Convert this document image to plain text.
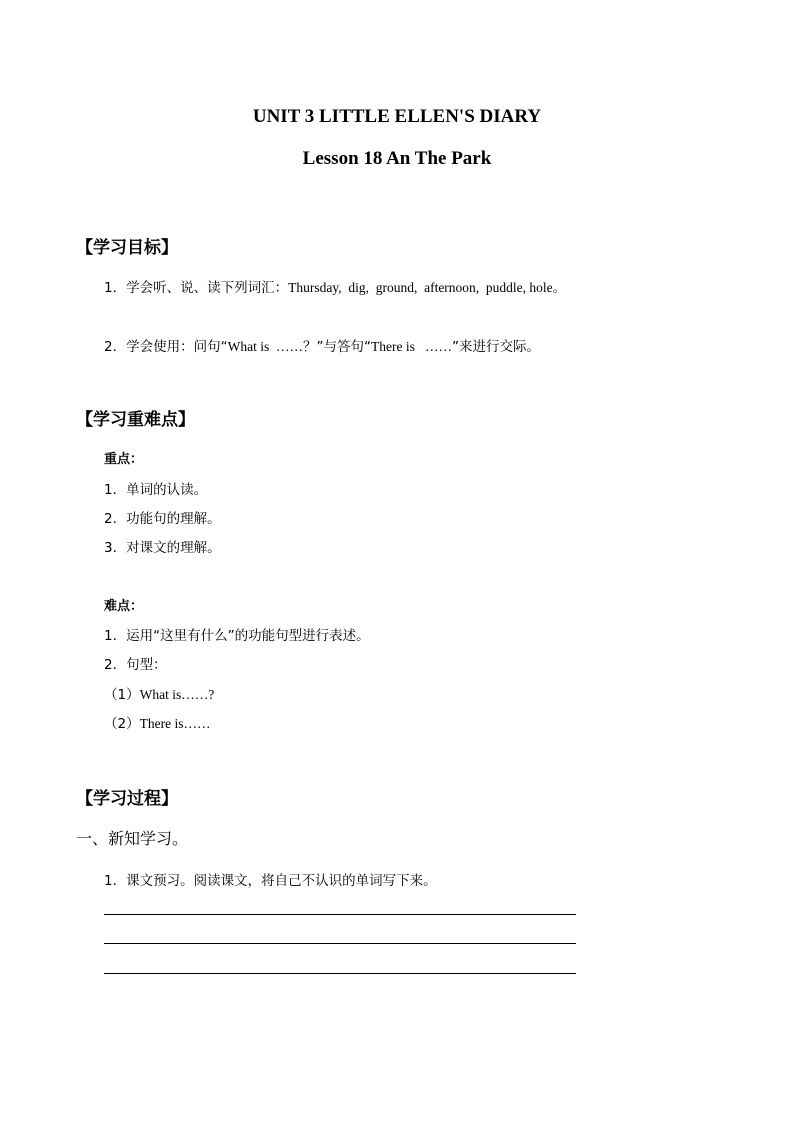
UNIT 3 LITTLE ELLEN'S DIARY
Lesson 18 An The Park
【学习目标】
1．学会听、说、读下列词汇：Thursday,  dig,  ground,  afternoon,  puddle, hole。
2．学会使用：问句“What is  ……？”与答句“There is   ……”来进行交际。
【学习重难点】
重点：
1．单词的认读。
2．功能句的理解。
3．对课文的理解。
难点：
1．运用“这里有什么”的功能句型进行表述。
2．句型：
（1）What is……?
（2）There is……
【学习过程】
一、新知学习。
1．课文预习。阅读课文，将自己不认识的单词写下来。
